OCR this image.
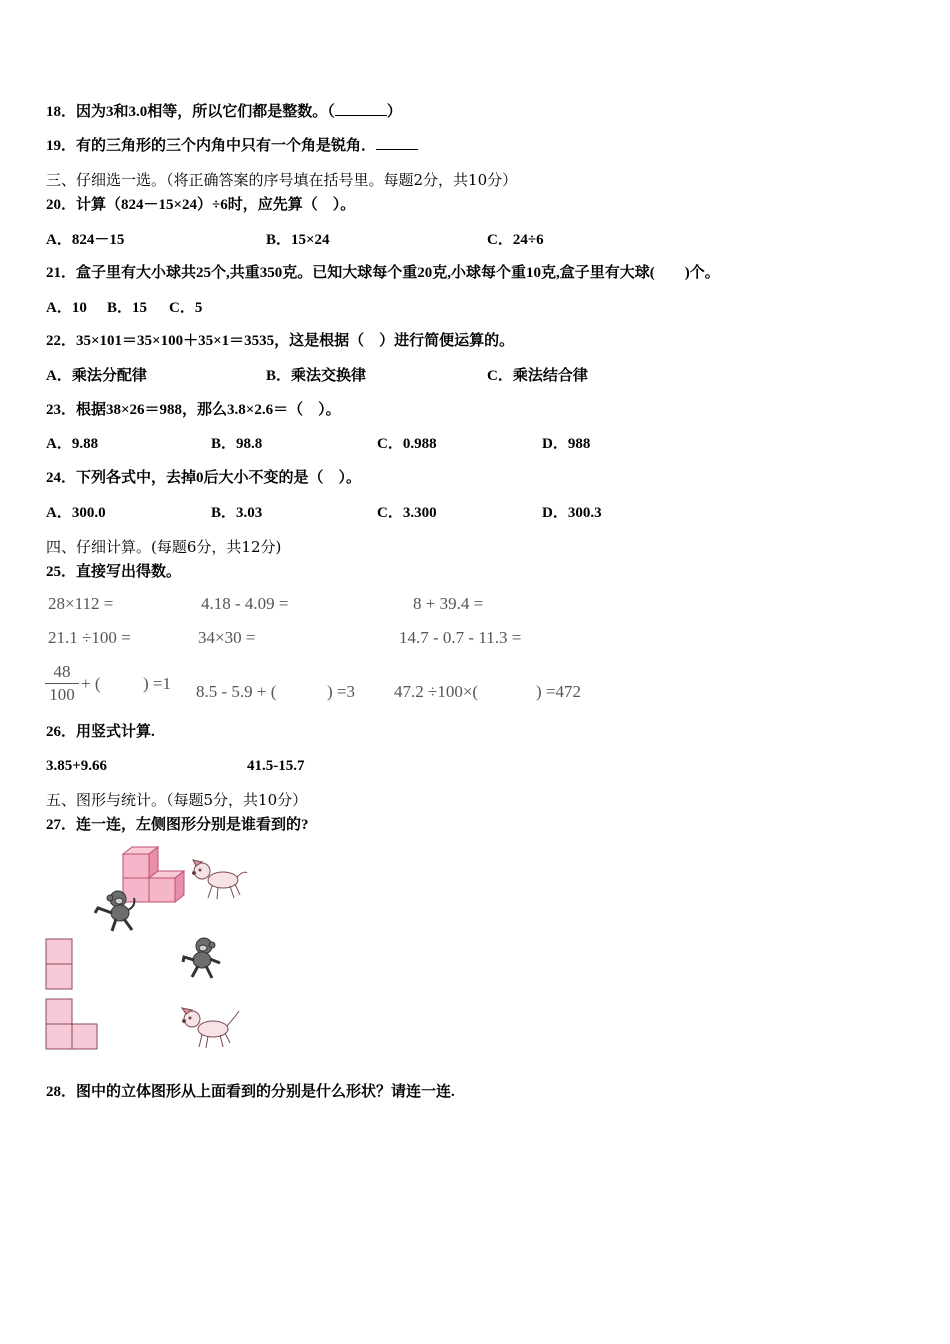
18．因为3和3.0相等，所以它们都是整数。（	）
19．有的三角形的三个内角中只有一个角是锐角．
三、仔细选一选。（将正确答案的序号填在括号里。每题2分，共10分）
20．计算（824－15×24）÷6时，应先算（　）。
A．824－15	B．15×24	C．24÷6
21．盒子里有大小球共25个,共重350克。已知大球每个重20克,小球每个重10克,盒子里有大球(　　)个。
A．10 B．15 C．5
22．35×101＝35×100＋35×1＝3535，这是根据（　）进行简便运算的。
A．乘法分配律	B．乘法交换律	C．乘法结合律
23．根据38×26＝988，那么3.8×2.6＝（　）。
A．9.88	B．98.8	C．0.988	D．988
24．下列各式中，去掉0后大小不变的是（　）。
A．300.0	B．3.03	C．3.300	D．300.3
四、仔细计算。(每题6分，共12分)
25．直接写出得数。
28×112 =	4.18 - 4.09 =	8 + 39.4 =
21.1 ÷100 =	34×30 =	14.7 - 0.7 - 11.3 =
$\frac{48}{100}$ + (	) =1 8.5 - 5.9 + (	) =3 47.2 ÷100×(	) =472
26．用竖式计算.
3.85+9.66	41.5-15.7
五、图形与统计。（每题5分，共10分）
27．连一连，左侧图形分别是谁看到的?
28．图中的立体图形从上面看到的分别是什么形状？请连一连.
